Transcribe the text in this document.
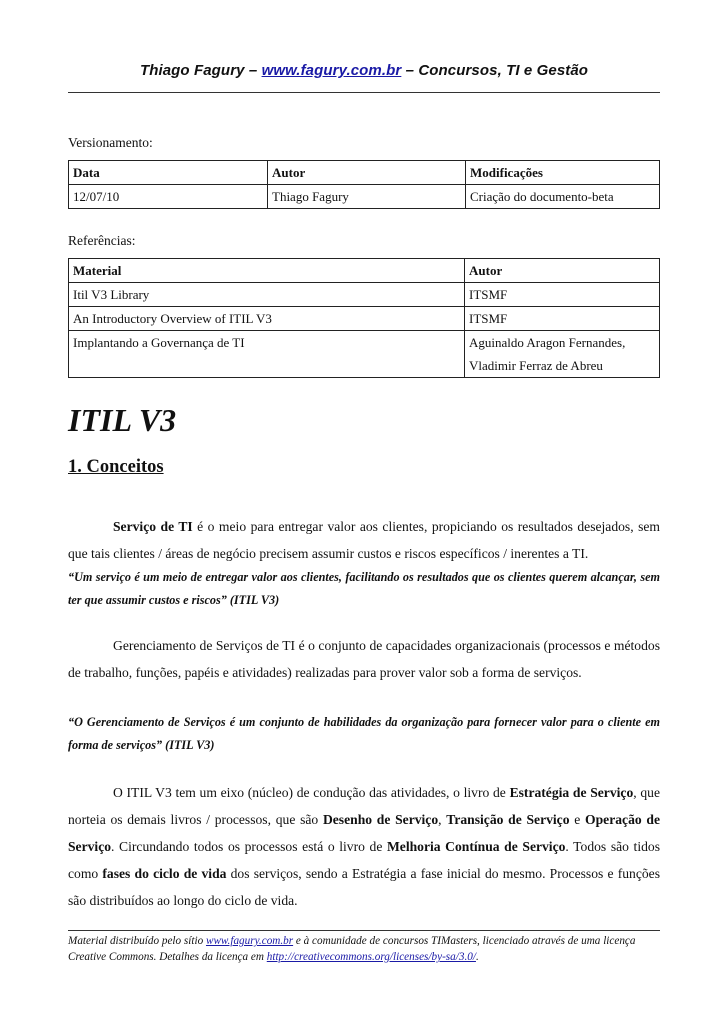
Thiago Fagury – www.fagury.com.br – Concursos, TI e Gestão
Versionamento:
Data	Autor	Modificações
12/07/10	Thiago Fagury	Criação do documento-beta
Referências:
Material	Autor
Itil V3 Library	ITSMF
An Introductory Overview of ITIL V3	ITSMF
Implantando a Governança de TI	Aguinaldo Aragon Fernandes,
Vladimir Ferraz de Abreu
ITIL V3
1. Conceitos
Serviço de TI é o meio para entregar valor aos clientes, propiciando os resultados desejados, sem que tais clientes / áreas de negócio precisem assumir custos e riscos específicos / inerentes a TI.
“Um serviço é um meio de entregar valor aos clientes, facilitando os resultados que os clientes querem alcançar, sem ter que assumir custos e riscos” (ITIL V3)
Gerenciamento de Serviços de TI é o conjunto de capacidades organizacionais (processos e métodos de trabalho, funções, papéis e atividades) realizadas para prover valor sob a forma de serviços.
“O Gerenciamento de Serviços é um conjunto de habilidades da organização para fornecer valor para o cliente em forma de serviços” (ITIL V3)
O ITIL V3 tem um eixo (núcleo) de condução das atividades, o livro de Estratégia de Serviço, que norteia os demais livros / processos, que são Desenho de Serviço, Transição de Serviço e Operação de Serviço. Circundando todos os processos está o livro de Melhoria Contínua de Serviço. Todos são tidos como fases do ciclo de vida dos serviços, sendo a Estratégia a fase inicial do mesmo. Processos e funções são distribuídos ao longo do ciclo de vida.
Material distribuído pelo sítio www.fagury.com.br e à comunidade de concursos TIMasters, licenciado através de uma licença Creative Commons. Detalhes da licença em http://creativecommons.org/licenses/by-sa/3.0/.
